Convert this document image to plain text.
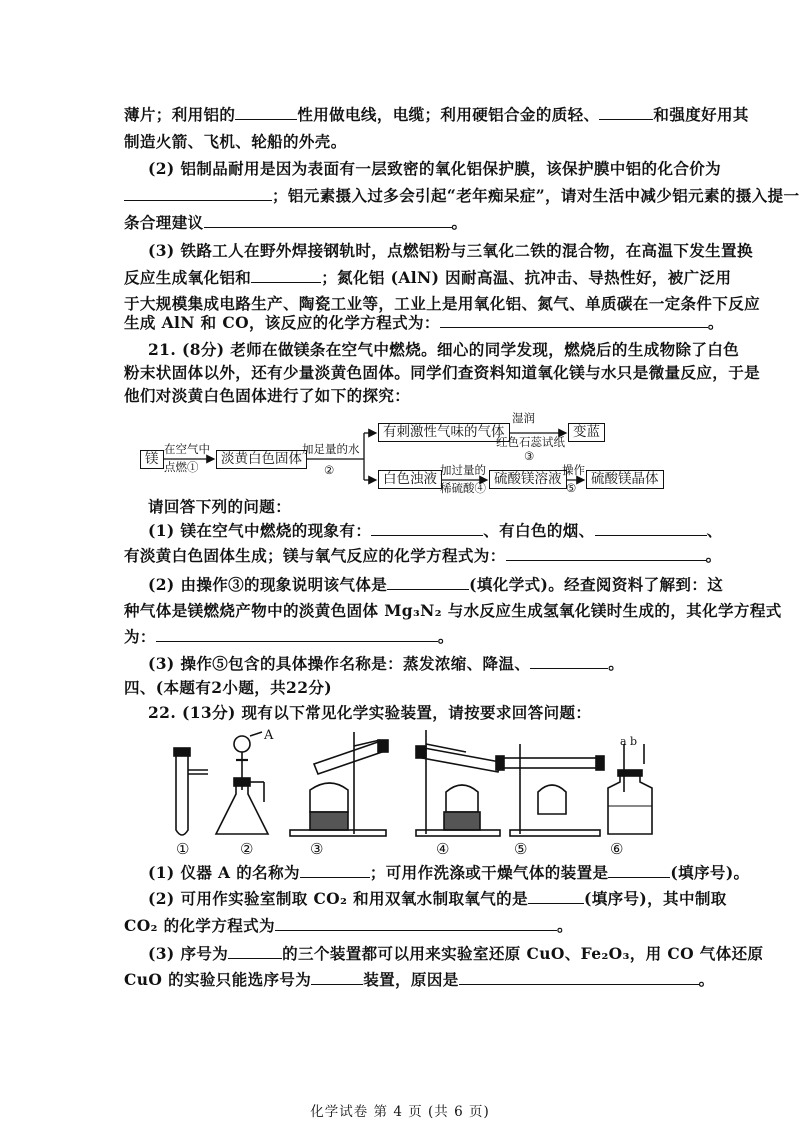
薄片；利用铝的	性用做电线，电缆；利用硬铝合金的质轻、	和强度好用其
制造火箭、飞机、轮船的外壳。
(2) 铝制品耐用是因为表面有一层致密的氧化铝保护膜，该保护膜中铝的化合价为
；铝元素摄入过多会引起“老年痴呆症”，请对生活中减少铝元素的摄入提一
条合理建议	。
(3) 铁路工人在野外焊接钢轨时，点燃铝粉与三氧化二铁的混合物，在高温下发生置换
反应生成氧化铝和	；氮化铝 (AlN) 因耐高温、抗冲击、导热性好，被广泛用
于大规模集成电路生产、陶瓷工业等，工业上是用氧化铝、氮气、单质碳在一定条件下反应
生成 AlN 和 CO，该反应的化学方程式为：	。
21. (8分) 老师在做镁条在空气中燃烧。细心的同学发现，燃烧后的生成物除了白色
粉末状固体以外，还有少量淡黄色固体。同学们查资料知道氧化镁与水只是微量反应，于是
他们对淡黄白色固体进行了如下的探究：
镁
在空气中
点燃①	淡黄白色固体
加足量的水
②
有刺激性气味的气体
湿润
红色石蕊试纸
③
变蓝
白色浊液
加过量的
稀硫酸④
硫酸镁溶液
操作
⑤
硫酸镁晶体
请回答下列的问题：
(1) 镁在空气中燃烧的现象有：	、有白色的烟、	、
有淡黄白色固体生成；镁与氧气反应的化学方程式为：	。
(2) 由操作③的现象说明该气体是	(填化学式)。经查阅资料了解到：这
种气体是镁燃烧产物中的淡黄色固体 Mg₃N₂ 与水反应生成氢氧化镁时生成的，其化学方程式
为：	。
(3) 操作⑤包含的具体操作名称是：蒸发浓缩、降温、	。
四、(本题有2小题，共22分)
22. (13分) 现有以下常见化学实验装置，请按要求回答问题：
A	a b
①	②	③	④	⑤	⑥
(1) 仪器 A 的名称为	；可用作洗涤或干燥气体的装置是	(填序号)。
(2) 可用作实验室制取 CO₂ 和用双氧水制取氧气的是	(填序号)，其中制取
CO₂ 的化学方程式为	。
(3) 序号为	的三个装置都可以用来实验室还原 CuO、Fe₂O₃，用 CO 气体还原
CuO 的实验只能选序号为	装置，原因是	。
化学试卷 第 4 页 (共 6 页)
